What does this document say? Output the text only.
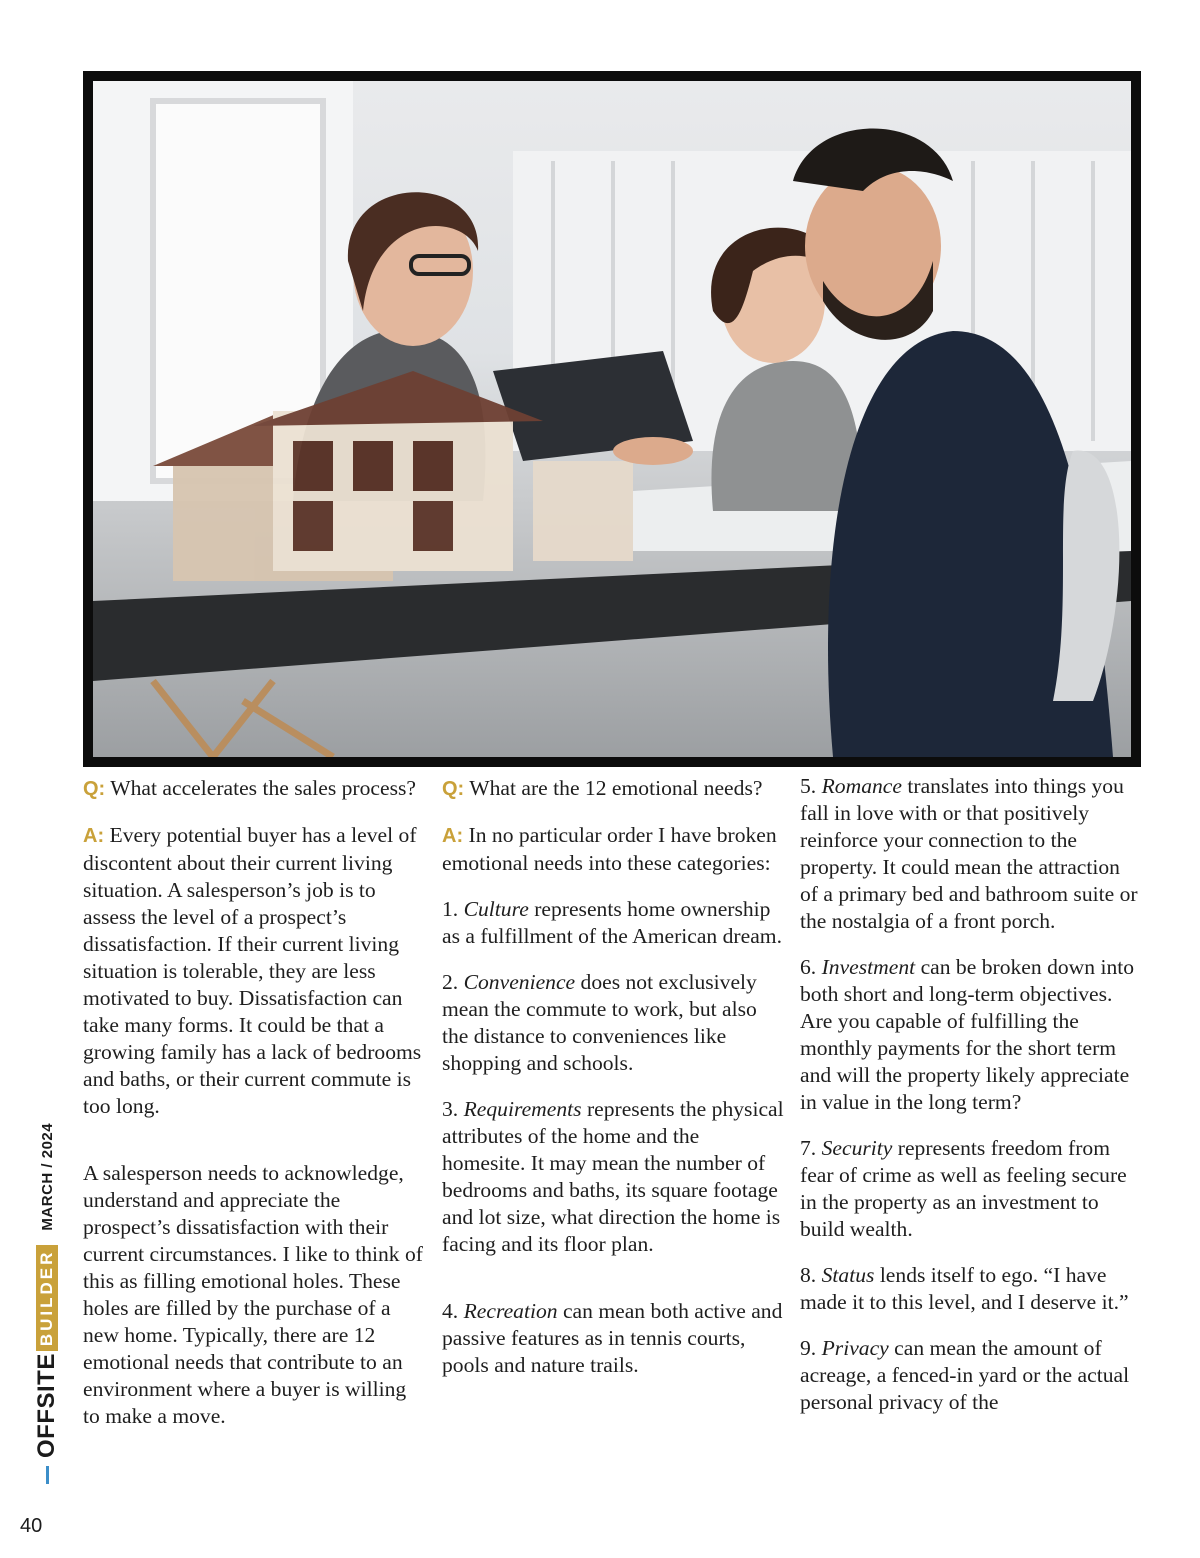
Q: What accelerates the sales process?

A: Every potential buyer has a level of discontent about their current living situation. A salesperson’s job is to assess the level of a prospect’s dissatisfaction. If their current living situation is tolerable, they are less motivated to buy. Dissatisfaction can take many forms. It could be that a growing family has a lack of bedrooms and baths, or their current commute is too long.

A salesperson needs to acknowledge, understand and appreciate the prospect’s dissatisfaction with their current circumstances. I like to think of this as filling emotional holes. These holes are filled by the purchase of a new home. Typically, there are 12 emotional needs that contribute to an environment where a buyer is willing to make a move.

Q: What are the 12 emotional needs?

A: In no particular order I have broken emotional needs into these categories:

1. Culture represents home ownership as a fulfillment of the American dream.

2. Convenience does not exclusively mean the commute to work, but also the distance to conveniences like shopping and schools.

3. Requirements represents the physical attributes of the home and the homesite. It may mean the number of bedrooms and baths, its square footage and lot size, what direction the home is facing and its floor plan.

4. Recreation can mean both active and passive features as in tennis courts, pools and nature trails.

5. Romance translates into things you fall in love with or that positively reinforce your connection to the property. It could mean the attraction of a primary bed and bathroom suite or the nostalgia of a front porch.

6. Investment can be broken down into both short and long-term objectives. Are you capable of fulfilling the monthly payments for the short term and will the property likely appreciate in value in the long term?

7. Security represents freedom from fear of crime as well as feeling secure in the property as an investment to build wealth.

8. Status lends itself to ego. “I have made it to this level, and I deserve it.”

9. Privacy can mean the amount of acreage, a fenced-in yard or the actual personal privacy of the

OFFSITE
BUILDER
MARCH / 2024
40
